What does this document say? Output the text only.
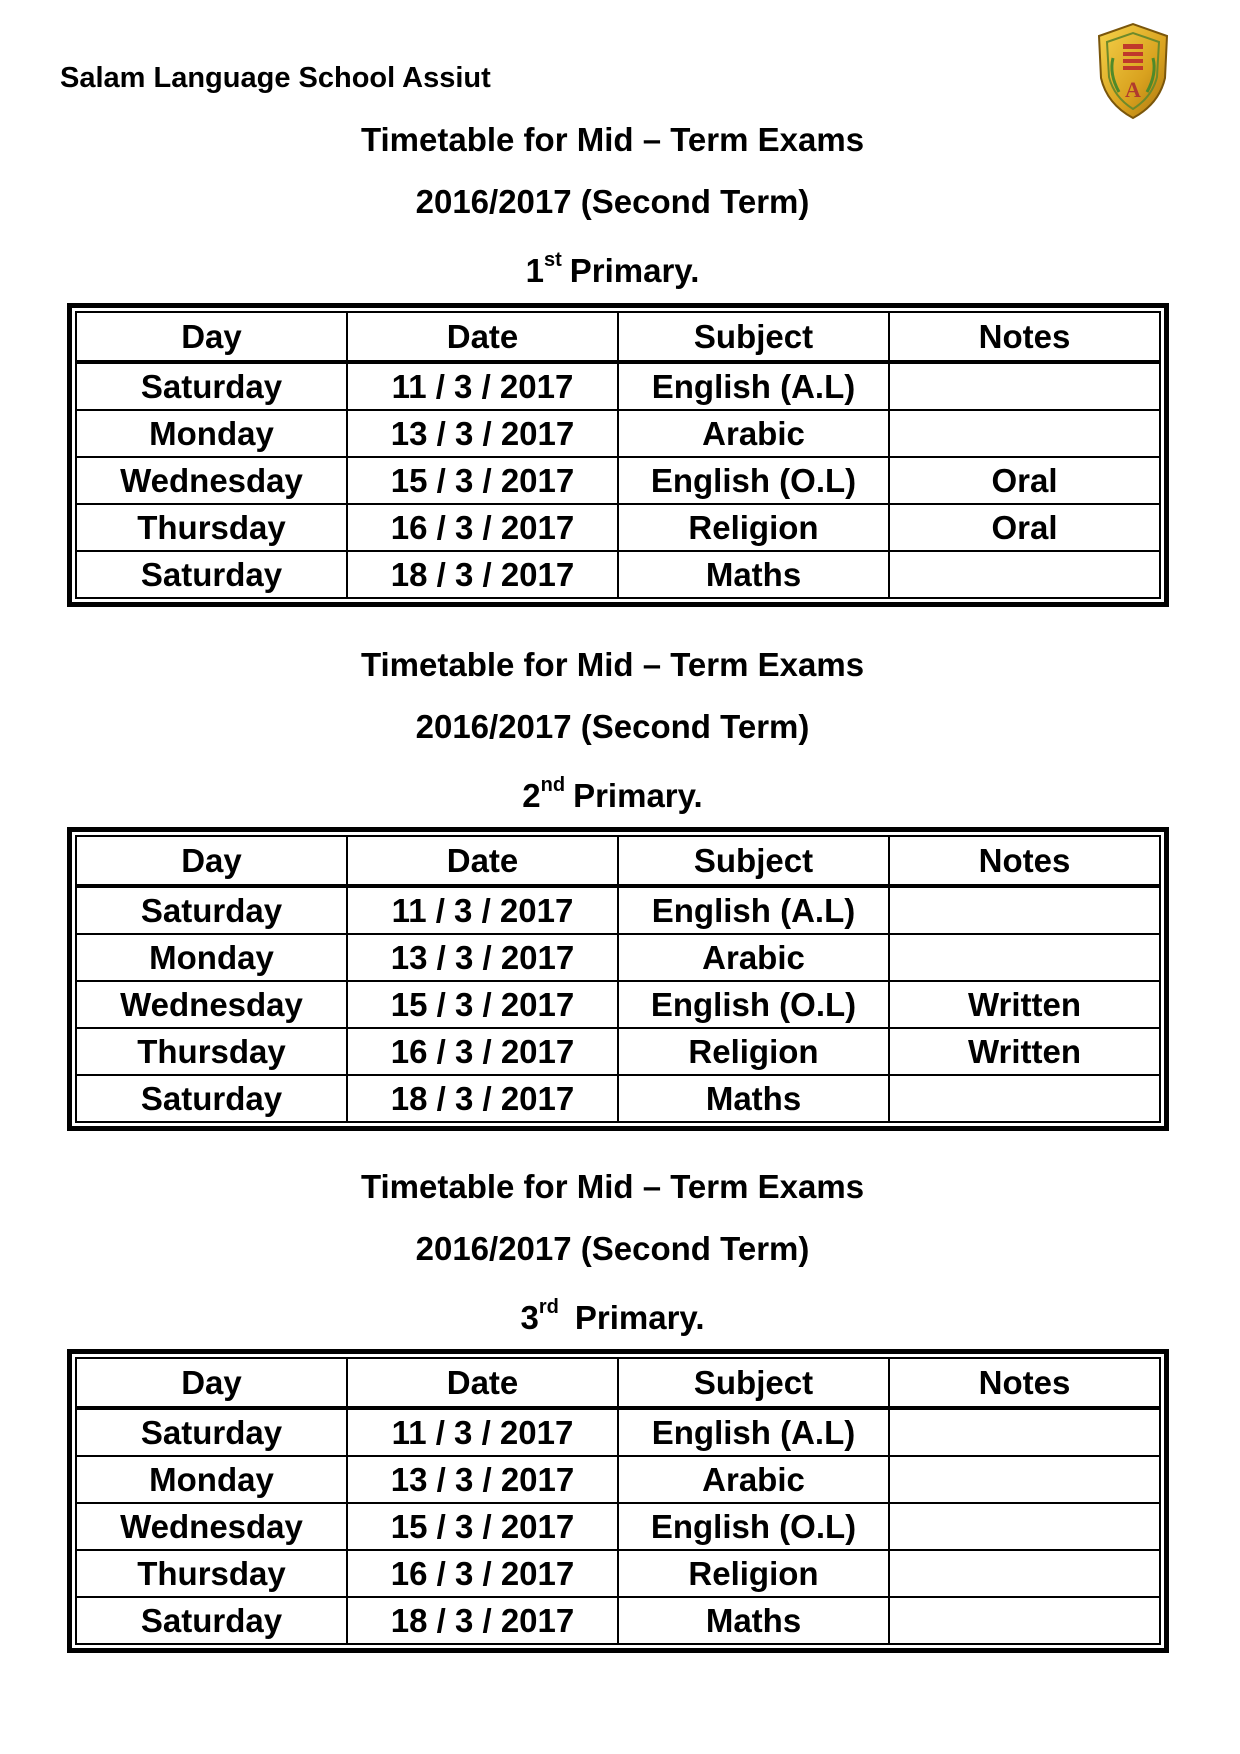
Salam Language School Assiut	A
Timetable for Mid – Term Exams
2016/2017 (Second Term)
1st Primary.
Day	Date	Subject	Notes
Saturday	11 / 3 / 2017	English (A.L)	
Monday	13 / 3 / 2017	Arabic	
Wednesday	15 / 3 / 2017	English (O.L)	Oral
Thursday	16 / 3 / 2017	Religion	Oral
Saturday	18 / 3 / 2017	Maths	
Timetable for Mid – Term Exams
2016/2017 (Second Term)
2nd Primary.
Day	Date	Subject	Notes
Saturday	11 / 3 / 2017	English (A.L)	
Monday	13 / 3 / 2017	Arabic	
Wednesday	15 / 3 / 2017	English (O.L)	Written
Thursday	16 / 3 / 2017	Religion	Written
Saturday	18 / 3 / 2017	Maths	
Timetable for Mid – Term Exams
2016/2017 (Second Term)
3rd Primary.
Day	Date	Subject	Notes
Saturday	11 / 3 / 2017	English (A.L)	
Monday	13 / 3 / 2017	Arabic	
Wednesday	15 / 3 / 2017	English (O.L)	
Thursday	16 / 3 / 2017	Religion	
Saturday	18 / 3 / 2017	Maths	
